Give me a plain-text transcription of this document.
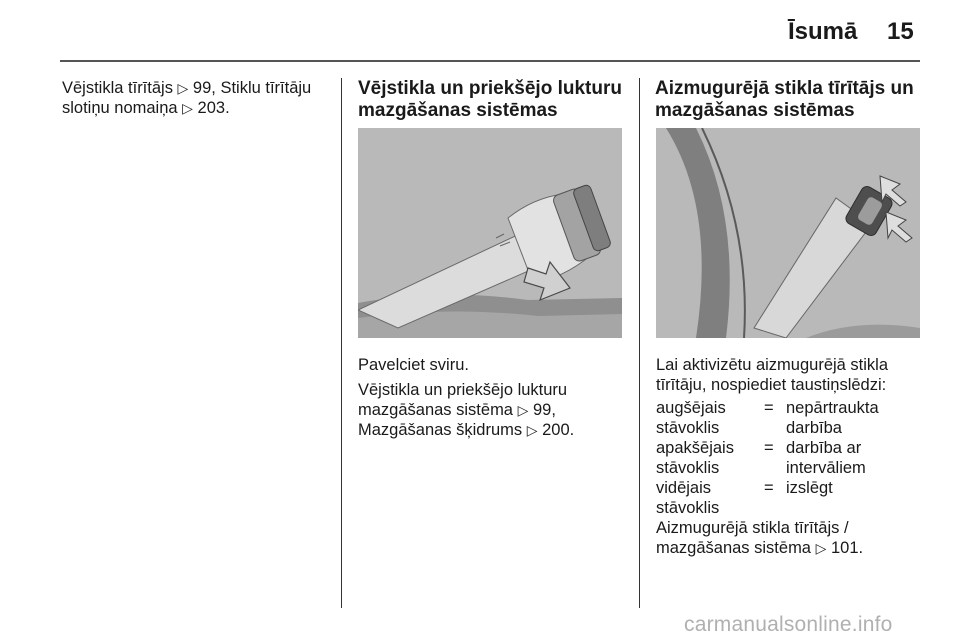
Īsumā 15

Vējstikla tīrītājs ▷ 99, Stiklu tīrītāju
slotiņu nomaiņa ▷ 203.

Vējstikla un priekšējo lukturu
mazgāšanas sistēmas

Pavelciet sviru.

Vējstikla un priekšējo lukturu
mazgāšanas sistēma ▷ 99,
Mazgāšanas šķidrums ▷ 200.

Aizmugurējā stikla tīrītājs un
mazgāšanas sistēmas

Lai aktivizētu aizmugurējā stikla
tīrītāju, nospiediet taustiņslēdzi:

augšējais
stāvoklis
= nepārtraukta
darbība
apakšējais
stāvoklis
= darbība ar
intervāliem
vidējais
stāvoklis
= izslēgt

Aizmugurējā stikla tīrītājs /
mazgāšanas sistēma ▷ 101.

carmanualsonline.info
